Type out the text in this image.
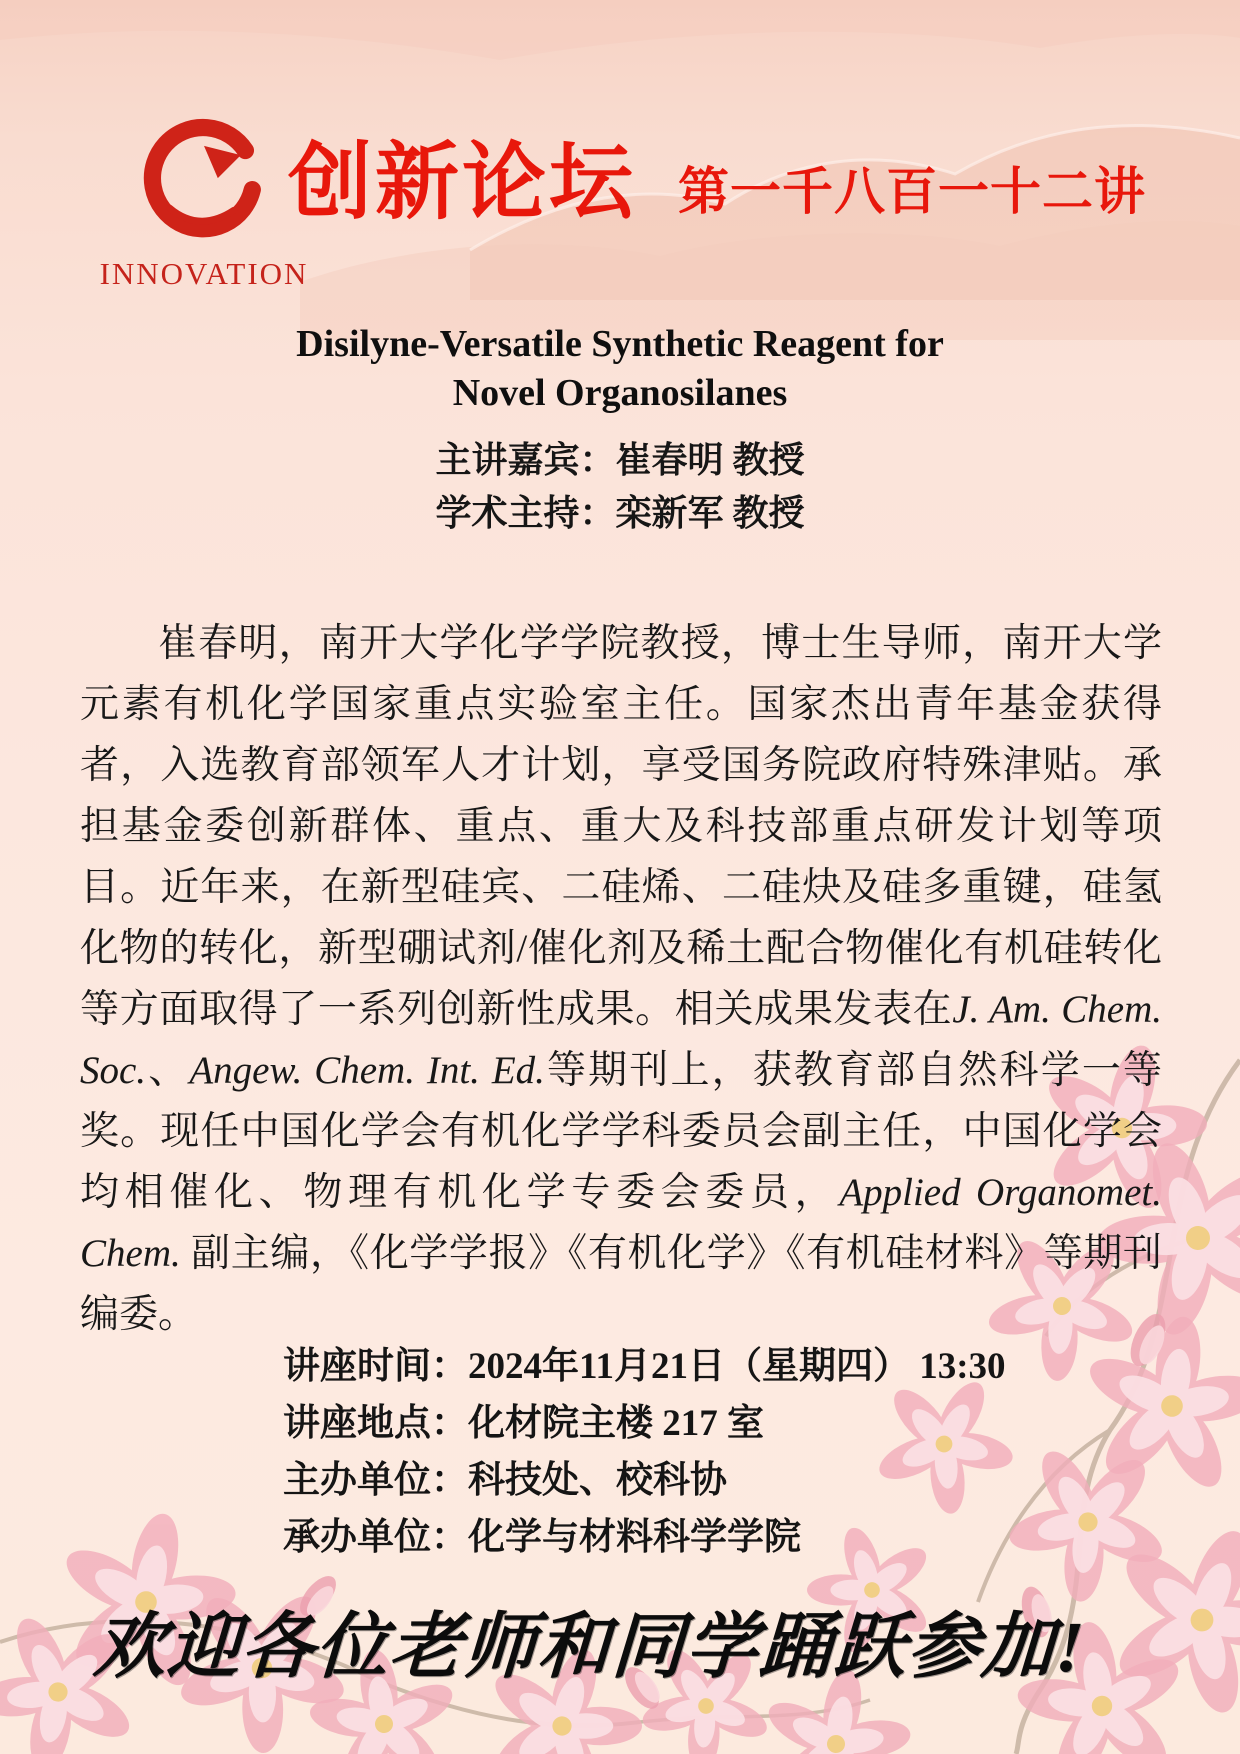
INNOVATION
创新论坛 第一千八百一十二讲
Disilyne-Versatile Synthetic Reagent for
Novel Organosilanes
主讲嘉宾：崔春明 教授
学术主持：栾新军 教授

崔春明，南开大学化学学院教授，博士生导师，南开大学元素有机化学国家重点实验室主任。国家杰出青年基金获得者，入选教育部领军人才计划，享受国务院政府特殊津贴。承担基金委创新群体、重点、重大及科技部重点研发计划等项目。近年来，在新型硅宾、二硅烯、二硅炔及硅多重键，硅氢化物的转化，新型硼试剂/催化剂及稀土配合物催化有机硅转化等方面取得了一系列创新性成果。相关成果发表在J. Am. Chem. Soc.、Angew. Chem. Int. Ed.等期刊上，获教育部自然科学一等奖。现任中国化学会有机化学学科委员会副主任，中国化学会均相催化、物理有机化学专委会委员，Applied Organomet. Chem. 副主编，《化学学报》《有机化学》《有机硅材料》等期刊编委。

讲座时间：2024年11月21日（星期四） 13:30
讲座地点：化材院主楼 217 室
主办单位：科技处、校科协
承办单位：化学与材料科学学院
欢迎各位老师和同学踊跃参加!
